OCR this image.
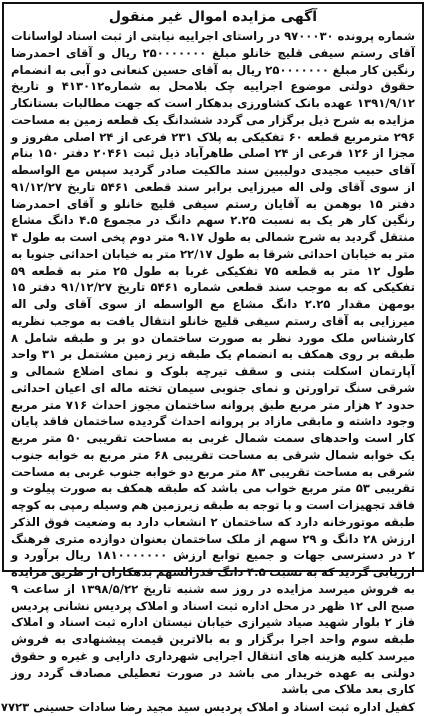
آگهی مزایده اموال غیر منقول

شماره پرونده ۹۷۰۰۰۳۰ در راستای اجراییه نیابتی از ثبت اسناد لواسانات آقای رستم سیفی قلیچ خانلو مبلغ ۲۵۰۰۰۰۰۰۰ ریال و آقای احمدرضا رنگین کار مبلغ ۲۵۰۰۰۰۰۰۰ ریال به آقای حسین کنعانی دو آبی به انضمام حقوق دولتی موضوع اجراییه چک بلامحل به شماره۴۱۳۰۱۲ و تاریخ ۱۳۹۱/۹/۱۲ عهده بانک کشاورزی بدهکار است که جهت مطالبات بستانکار مزایده به شرح ذیل برگزار می گردد ششدانگ یک قطعه زمین به مساحت ۲۹۶ مترمربع قطعه ۶۰ تفکیکی به پلاک ۲۳۱ فرعی از ۲۴ اصلی مفروز و مجزا از ۱۲۶ فرعی از ۲۴ اصلی طاهرآباد ذیل ثبت ۲۰۴۶۱ دفتر ۱۵۰ بنام آقای حبیب مجیدی دولیبین سند مالکیت صادر گردید سپس مع الواسطه از سوی آقای ولی اله میرزایی برابر سند قطعی ۵۴۶۱ تاریخ ۹۱/۱۲/۲۷ دفتر ۱۵ بوهمن به آقایان رستم سیفی قلیچ خانلو و آقای احمدرضا رنگین کار هر یک به نسبت ۲.۲۵ سهم دانگ در مجموع ۴.۵ دانگ مشاع منتقل گردید به شرح شمالی به طول ۹.۱۷ متر دوم پخی است به طول ۴ متر به خیابان احداثی شرقا به طول ۲۲/۱۷ متر به خیابان احداثی جنوبا به طول ۱۲ متر به قطعه ۷۵ تفکیکی غربا به طول ۲۵ متر به قطعه ۵۹ تفکیکی که به موجب سند قطعی شماره ۵۴۶۱ تاریخ ۹۱/۱۲/۲۷ دفتر ۱۵ بومهن مقدار ۲.۲۵ دانگ مشاع مع الواسطه از سوی آقای ولی اله میرزایی به آقای رستم سیفی قلیچ خانلو انتقال یافت به موجب نظریه کارشناس ملک مورد نظر به صورت ساختمان دو بر و طبقه شامل ۸ طبقه بر روی همکف به انضمام یک طبقه زیر زمین مشتمل بر ۳۱ واحد آپارتمان اسکلت بتنی و سقف تیرچه بلوک و نمای اضلاع شمالی و شرقی سنگ تراورتن و نمای جنوبی سیمان تخته ماله ای اعیان احداثی حدود ۲ هزار متر مربع طبق پروانه ساختمان مجوز احداث ۷۱۶ متر مربع وجود داشته و مابقی مازاد بر پروانه احداث گردیده ساختمان فاقد پایان کار است واحدهای سمت شمال غربی به مساحت تقریبی ۵۰ متر مربع یک خوابه شمال شرقی به مساحت تقریبی ۶۸ متر مربع به خوابه جنوب شرقی به مساحت تقریبی ۸۳ متر مربع دو خوابه جنوب غربی به مساحت تقریبی ۵۳ متر مربع خواب می باشد که طبقه همکف به صورت پیلوت و فاقد تجهیزات است و با توجه به طبقه زیرزمین هم وسیله رمپی به کوچه طبقه موتورخانه دارد که ساختمان ۲ انشعاب دارد به وضعیت فوق الذکر ارزش ۲۸ دانگ و ۲۹ سهم از ملک ساختمان بعنوان دوازده متری فرهنگ ۲ در دسترسی جهات و جمیع توابع ارزش ۱۸۱۰۰۰۰۰۰۰ ریال برآورد و ارزیابی گردید که به نسبت ۴.۵ دانگ قدرالسهم بدهکاران از طریق مزایده به فروش میرسد مزایده در روز سه شنبه تاریخ ۱۳۹۸/۵/۲۲ از ساعت ۹ صبح الی ۱۲ ظهر در محل اداره ثبت اسناد و املاک پردیس نشانی پردیس فاز ۲ بلوار شهید صیاد شیرازی خیابان نیستان اداره ثبت اسناد و املاک طبقه سوم واحد اجرا برگزار و به بالاترین قیمت پیشنهادی به فروش میرسد کلیه هزینه های انتقال اجرایی شهرداری دارایی و غیره و حقوق دولتی به عهده خریدار می باشد در صورت تعطیلی مصادف گردد روز کاری بعد ملاک می باشد

کفیل اداره ثبت اسناد و املاک پردیس سید مجید رضا سادات حسینی ۷۷۲۳
